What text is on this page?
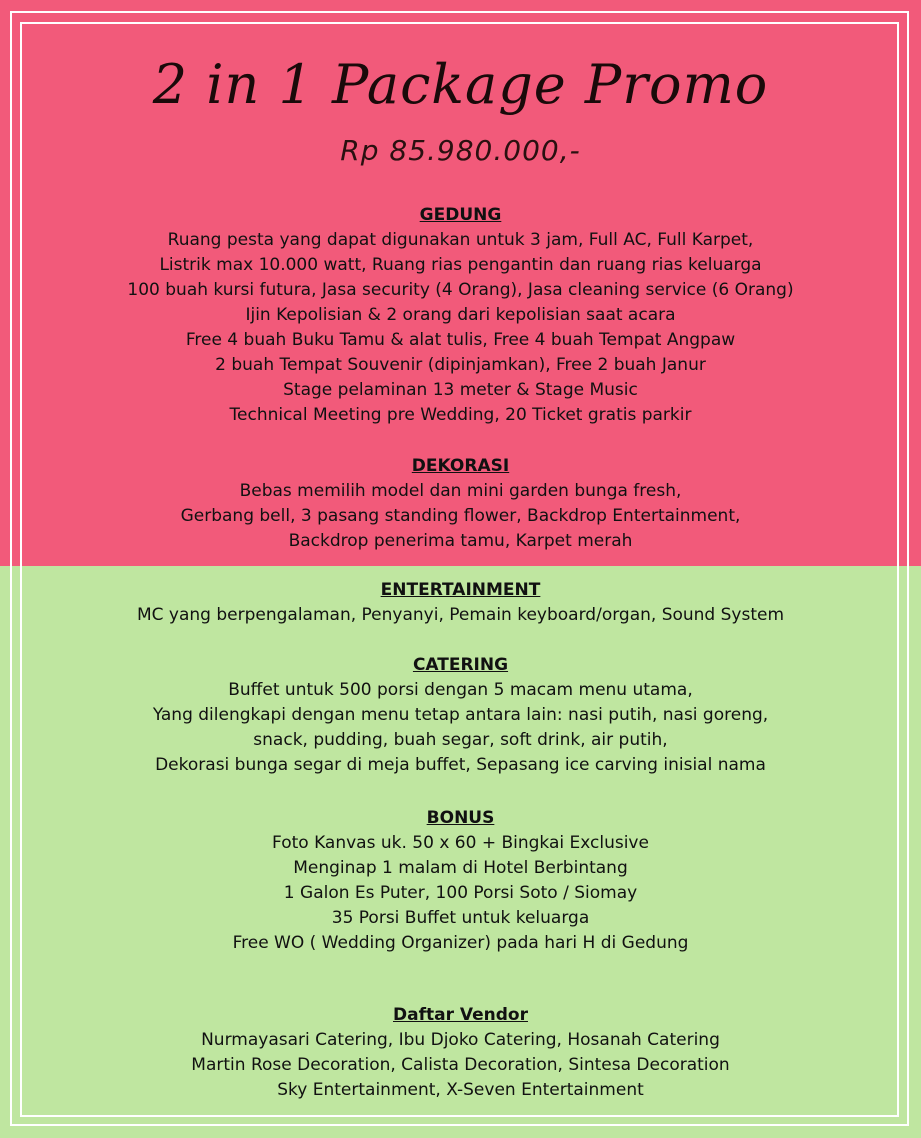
2 in 1 Package Promo
Rp 85.980.000,-
GEDUNG
Ruang pesta yang dapat digunakan untuk 3 jam, Full AC, Full Karpet,
Listrik max 10.000 watt, Ruang rias pengantin dan ruang rias keluarga
100 buah kursi futura, Jasa security (4 Orang), Jasa cleaning service (6 Orang)
Ijin Kepolisian & 2 orang dari kepolisian saat acara
Free 4 buah Buku Tamu & alat tulis, Free 4 buah Tempat Angpaw
2 buah Tempat Souvenir (dipinjamkan), Free 2 buah Janur
Stage pelaminan 13 meter & Stage Music
Technical Meeting pre Wedding, 20 Ticket gratis parkir
DEKORASI
Bebas memilih model dan mini garden bunga fresh,
Gerbang bell, 3 pasang standing flower, Backdrop Entertainment,
Backdrop penerima tamu, Karpet merah
ENTERTAINMENT
MC yang berpengalaman, Penyanyi, Pemain keyboard/organ, Sound System
CATERING
Buffet untuk 500 porsi dengan 5 macam menu utama,
Yang dilengkapi dengan menu tetap antara lain: nasi putih, nasi goreng,
snack, pudding, buah segar, soft drink, air putih,
Dekorasi bunga segar di meja buffet, Sepasang ice carving inisial nama
BONUS
Foto Kanvas uk. 50 x 60 + Bingkai Exclusive
Menginap 1 malam di Hotel Berbintang
1 Galon Es Puter, 100 Porsi Soto / Siomay
35 Porsi Buffet untuk keluarga
Free WO ( Wedding Organizer) pada hari H di Gedung
Daftar Vendor
Nurmayasari Catering, Ibu Djoko Catering, Hosanah Catering
Martin Rose Decoration, Calista Decoration, Sintesa Decoration
Sky Entertainment, X-Seven Entertainment
